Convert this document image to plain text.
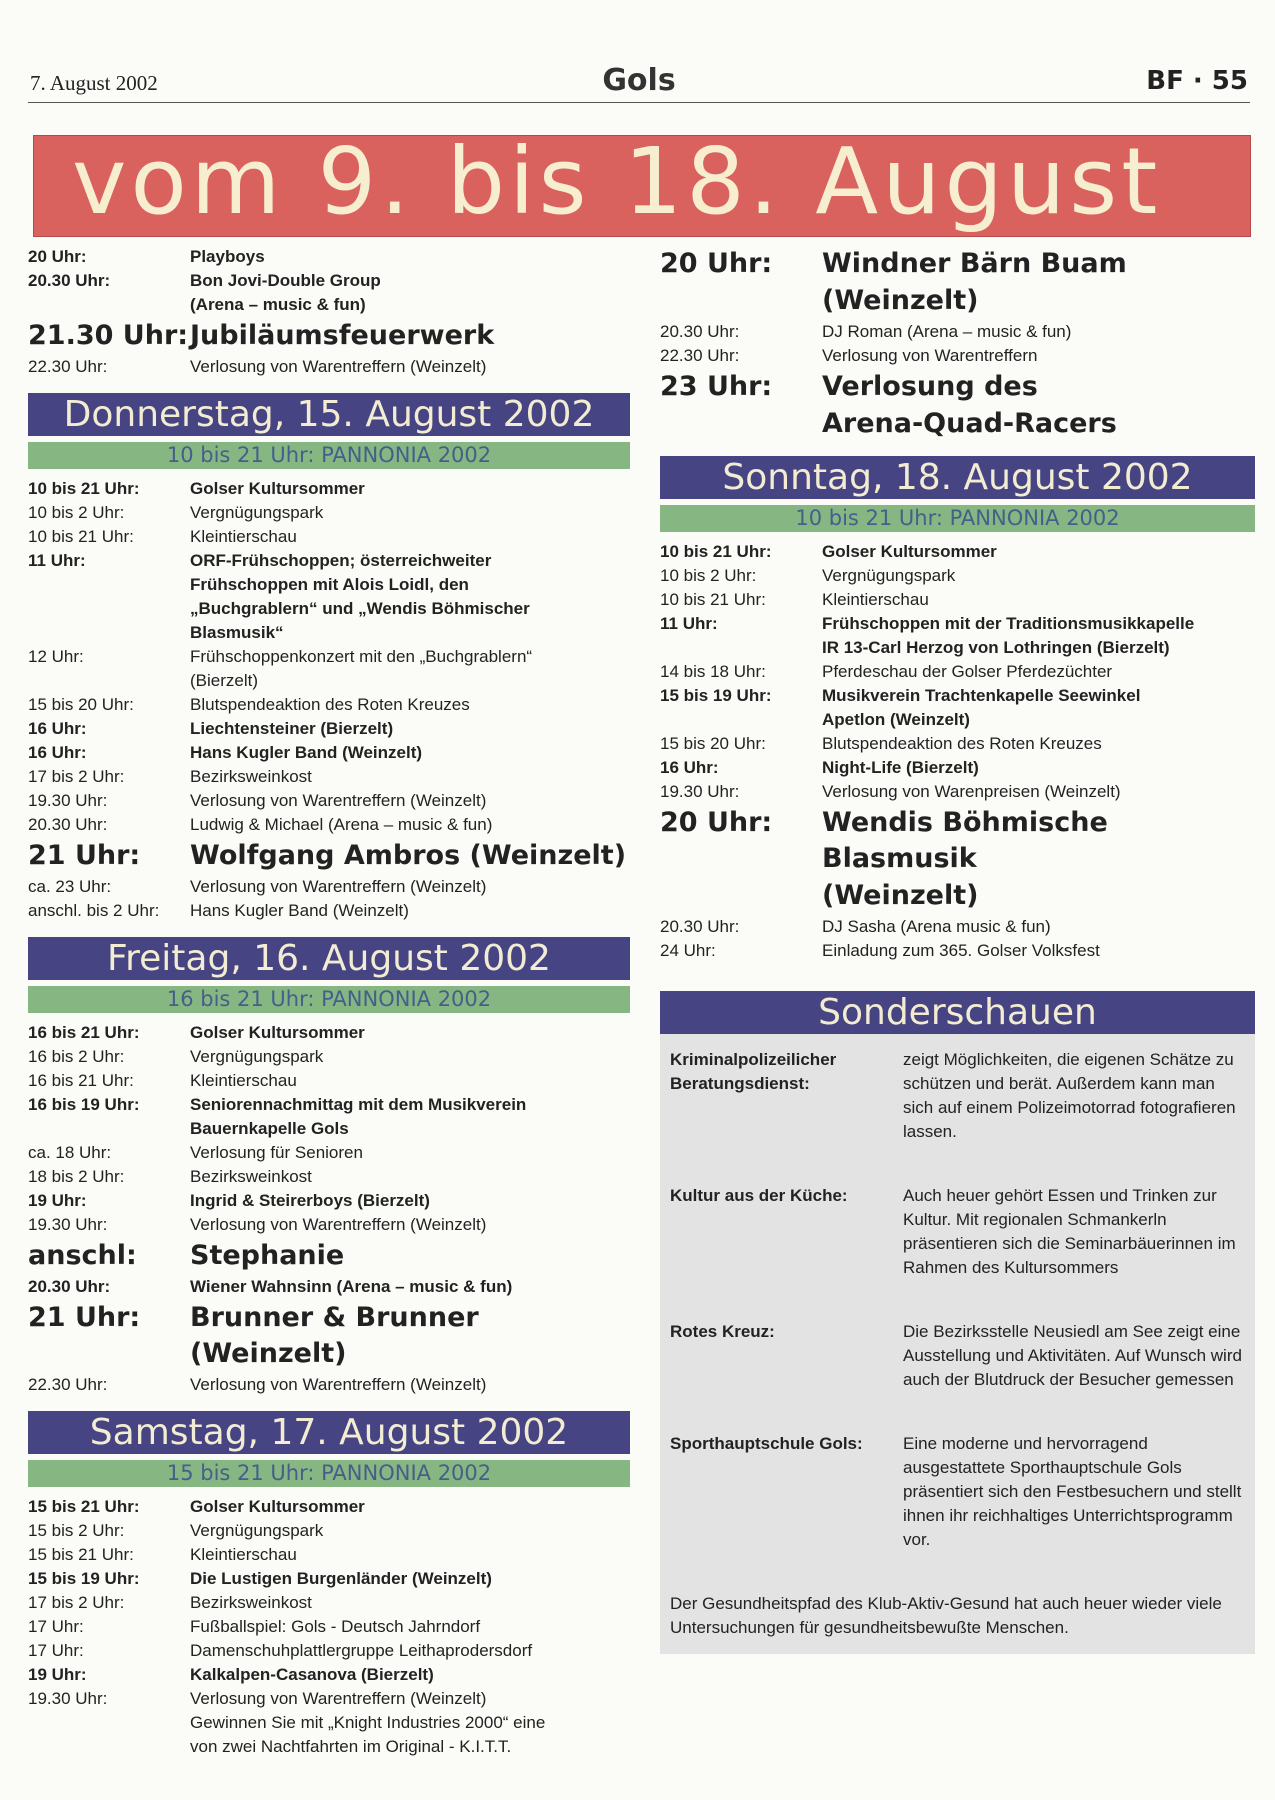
7. August 2002	Gols	BF · 55
vom 9. bis 18. August
20 Uhr:	Playboys
20.30 Uhr:	Bon Jovi-Double Group
(Arena – music & fun)
21.30 Uhr: Jubiläumsfeuerwerk
22.30 Uhr:	Verlosung von Warentreffern (Weinzelt)
Donnerstag, 15. August 2002
10 bis 21 Uhr: PANNONIA 2002
10 bis 21 Uhr:	Golser Kultursommer
10 bis 2 Uhr:	Vergnügungspark
10 bis 21 Uhr:	Kleintierschau
11 Uhr:	ORF-Frühschoppen; österreichweiter
Frühschoppen mit Alois Loidl, den
„Buchgrablern“ und „Wendis Böhmischer
Blasmusik“
12 Uhr:	Frühschoppenkonzert mit den „Buchgrablern“
(Bierzelt)
15 bis 20 Uhr:	Blutspendeaktion des Roten Kreuzes
16 Uhr:	Liechtensteiner (Bierzelt)
16 Uhr:	Hans Kugler Band (Weinzelt)
17 bis 2 Uhr:	Bezirksweinkost
19.30 Uhr:	Verlosung von Warentreffern (Weinzelt)
20.30 Uhr:	Ludwig & Michael (Arena – music & fun)
21 Uhr:	Wolfgang Ambros (Weinzelt)
ca. 23 Uhr:	Verlosung von Warentreffern (Weinzelt)
anschl. bis 2 Uhr:	Hans Kugler Band (Weinzelt)
Freitag, 16. August 2002
16 bis 21 Uhr: PANNONIA 2002
16 bis 21 Uhr:	Golser Kultursommer
16 bis 2 Uhr:	Vergnügungspark
16 bis 21 Uhr:	Kleintierschau
16 bis 19 Uhr:	Seniorennachmittag mit dem Musikverein
Bauernkapelle Gols
ca. 18 Uhr:	Verlosung für Senioren
18 bis 2 Uhr:	Bezirksweinkost
19 Uhr:	Ingrid & Steirerboys (Bierzelt)
19.30 Uhr:	Verlosung von Warentreffern (Weinzelt)
anschl:	Stephanie
20.30 Uhr:	Wiener Wahnsinn (Arena – music & fun)
21 Uhr:	Brunner & Brunner (Weinzelt)
22.30 Uhr:	Verlosung von Warentreffern (Weinzelt)
Samstag, 17. August 2002
15 bis 21 Uhr: PANNONIA 2002
15 bis 21 Uhr:	Golser Kultursommer
15 bis 2 Uhr:	Vergnügungspark
15 bis 21 Uhr:	Kleintierschau
15 bis 19 Uhr:	Die Lustigen Burgenländer (Weinzelt)
17 bis 2 Uhr:	Bezirksweinkost
17 Uhr:	Fußballspiel: Gols - Deutsch Jahrndorf
17 Uhr:	Damenschuhplattlergruppe Leithaprodersdorf
19 Uhr:	Kalkalpen-Casanova (Bierzelt)
19.30 Uhr:	Verlosung von Warentreffern (Weinzelt)
Gewinnen Sie mit „Knight Industries 2000“ eine
von zwei Nachtfahrten im Original - K.I.T.T.
20 Uhr:	Windner Bärn Buam
(Weinzelt)
20.30 Uhr:	DJ Roman (Arena – music & fun)
22.30 Uhr:	Verlosung von Warentreffern
23 Uhr:	Verlosung des
Arena-Quad-Racers
Sonntag, 18. August 2002
10 bis 21 Uhr: PANNONIA 2002
10 bis 21 Uhr:	Golser Kultursommer
10 bis 2 Uhr:	Vergnügungspark
10 bis 21 Uhr:	Kleintierschau
11 Uhr:	Frühschoppen mit der Traditionsmusikkapelle
IR 13-Carl Herzog von Lothringen (Bierzelt)
14 bis 18 Uhr:	Pferdeschau der Golser Pferdezüchter
15 bis 19 Uhr:	Musikverein Trachtenkapelle Seewinkel
Apetlon (Weinzelt)
15 bis 20 Uhr:	Blutspendeaktion des Roten Kreuzes
16 Uhr:	Night-Life (Bierzelt)
19.30 Uhr:	Verlosung von Warenpreisen (Weinzelt)
20 Uhr:	Wendis Böhmische Blasmusik
(Weinzelt)
20.30 Uhr:	DJ Sasha (Arena music & fun)
24 Uhr:	Einladung zum 365. Golser Volksfest
Sonderschauen
Kriminalpolizeilicher Beratungsdienst:
zeigt Möglichkeiten, die eigenen Schätze zu schützen und berät. Außerdem kann man sich auf einem Polizeimotorrad fotografieren lassen.
Kultur aus der Küche:	Auch heuer gehört Essen und Trinken zur Kultur. Mit regionalen Schmankerln präsentieren sich die Seminarbäuerinnen im Rahmen des Kultursommers
Rotes Kreuz:	Die Bezirksstelle Neusiedl am See zeigt eine Ausstellung und Aktivitäten. Auf Wunsch wird auch der Blutdruck der Besucher gemessen
Sporthauptschule Gols:	Eine moderne und hervorragend ausgestattete Sporthauptschule Gols präsentiert sich den Festbesuchern und stellt ihnen ihr reichhaltiges Unterrichtsprogramm vor.
Der Gesundheitspfad des Klub-Aktiv-Gesund hat auch heuer wieder viele Untersuchungen für gesundheitsbewußte Menschen.
